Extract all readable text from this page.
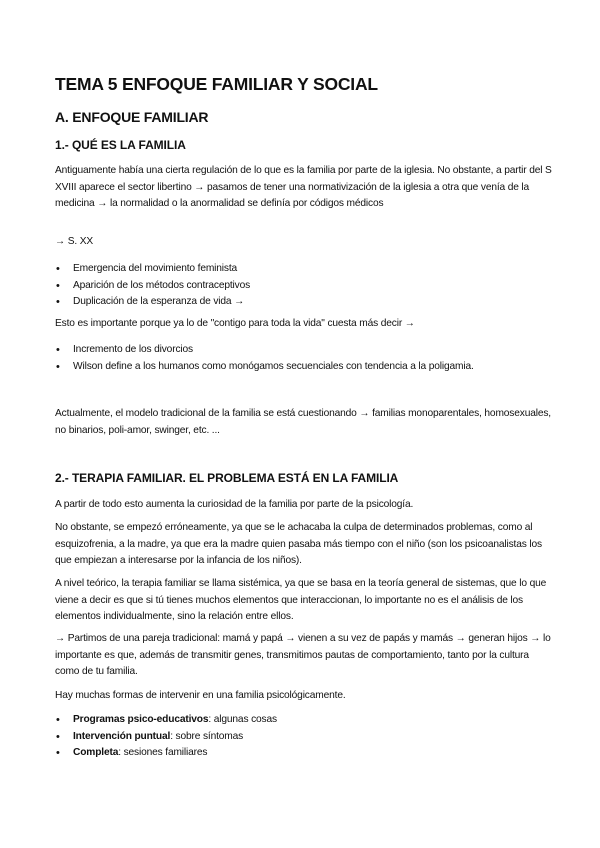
TEMA 5 ENFOQUE FAMILIAR Y SOCIAL
A. ENFOQUE FAMILIAR
1.- QUÉ ES LA FAMILIA
Antiguamente había una cierta regulación de lo que es la familia por parte de la iglesia. No obstante, a partir del S XVIII aparece el sector libertino → pasamos de tener una normativización de la iglesia a otra que venía de la medicina → la normalidad o la anormalidad se definía por códigos médicos
→ S. XX
• Emergencia del movimiento feminista
• Aparición de los métodos contraceptivos
• Duplicación de la esperanza de vida →
Esto es importante porque ya lo de "contigo para toda la vida" cuesta más decir →
• Incremento de los divorcios
• Wilson define a los humanos como monógamos secuenciales con tendencia a la poligamia.
Actualmente, el modelo tradicional de la familia se está cuestionando → familias monoparentales, homosexuales, no binarios, poli-amor, swinger, etc. ...
2.- TERAPIA FAMILIAR. EL PROBLEMA ESTÁ EN LA FAMILIA
A partir de todo esto aumenta la curiosidad de la familia por parte de la psicología.
No obstante, se empezó erróneamente, ya que se le achacaba la culpa de determinados problemas, como al esquizofrenia, a la madre, ya que era la madre quien pasaba más tiempo con el niño (son los psicoanalistas los que empiezan a interesarse por la infancia de los niños).
A nivel teórico, la terapia familiar se llama sistémica, ya que se basa en la teoría general de sistemas, que lo que viene a decir es que si tú tienes muchos elementos que interaccionan, lo importante no es el análisis de los elementos individualmente, sino la relación entre ellos.
→ Partimos de una pareja tradicional: mamá y papá → vienen a su vez de papás y mamás → generan hijos → lo importante es que, además de transmitir genes, transmitimos pautas de comportamiento, tanto por la cultura como de tu familia.
Hay muchas formas de intervenir en una familia psicológicamente.
• Programas psico-educativos: algunas cosas
• Intervención puntual: sobre síntomas
• Completa: sesiones familiares
